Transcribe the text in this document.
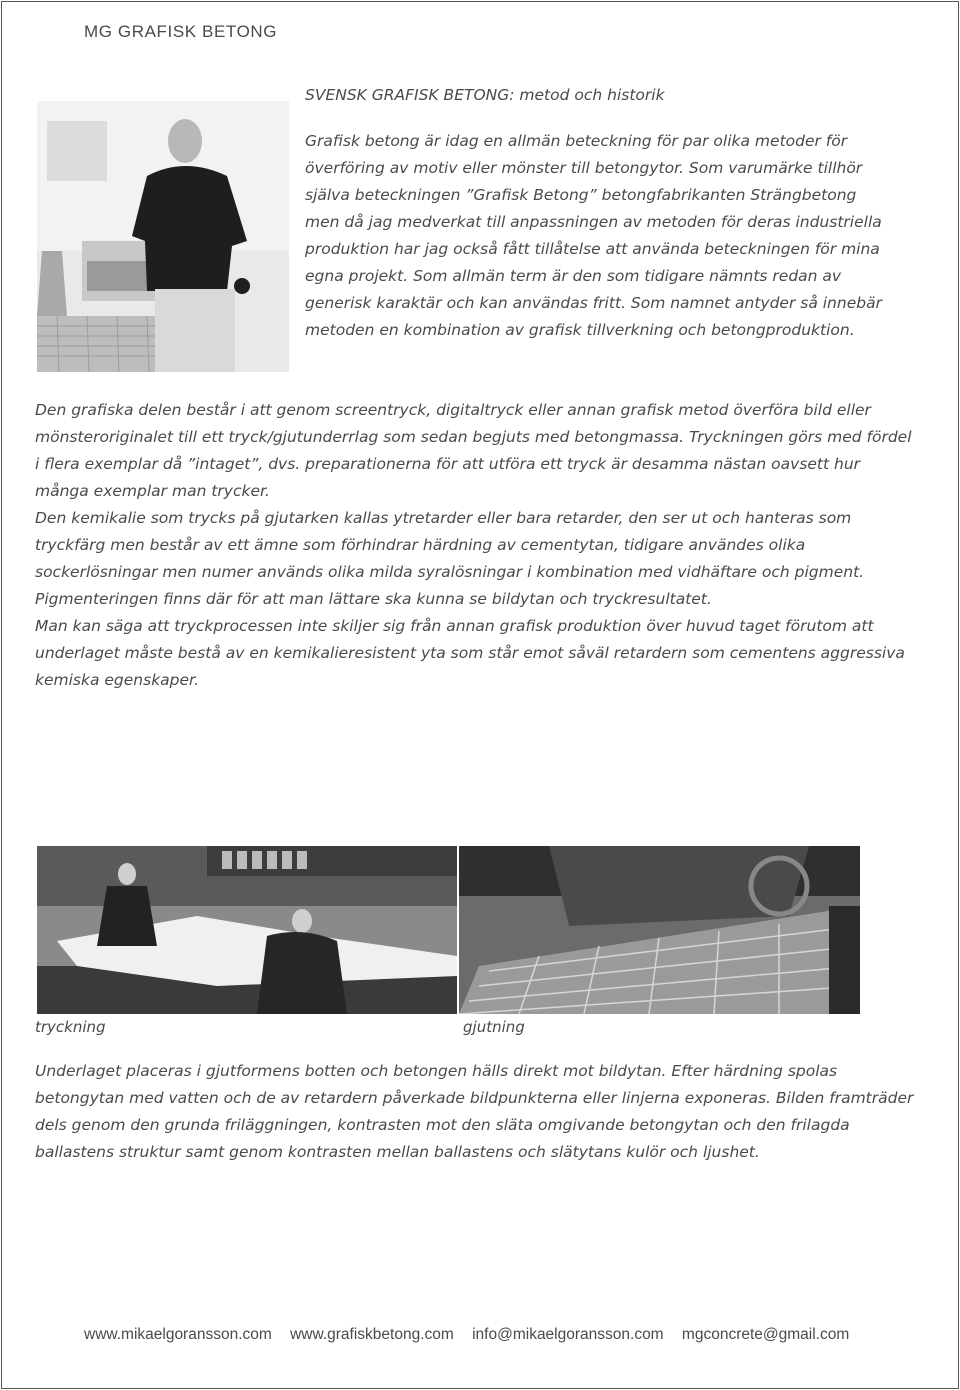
MG GRAFISK BETONG
SVENSK GRAFISK BETONG: metod och historik

Grafisk betong är idag en allmän beteckning för par olika metoder för överföring av motiv eller mönster till betongytor. Som varumärke tillhör själva beteckningen ”Grafisk Betong” betongfabrikanten Strängbetong men då jag medverkat till anpassningen av metoden för deras industriella produktion har jag också fått tillåtelse att använda beteckningen för mina egna projekt. Som allmän term är den som tidigare nämnts redan av generisk karaktär och kan användas fritt. Som namnet antyder så innebär metoden en kombination av grafisk tillverkning och betongproduktion.

Den grafiska delen består i att genom screentryck, digitaltryck eller annan grafisk metod överföra bild eller mönsteroriginalet till ett tryck/gjutunderrlag som sedan begjuts med betongmassa. Tryckningen görs med fördel i flera exemplar då ”intaget”, dvs. preparationerna för att utföra ett tryck är desamma nästan oavsett hur många exemplar man trycker.

Den kemikalie som trycks på gjutarken kallas ytretarder eller bara retarder, den ser ut och hanteras som tryckfärg men består av ett ämne som förhindrar härdning av cementytan, tidigare användes olika sockerlösningar men numer används olika milda syralösningar i kombination med vidhäftare och pigment. Pigmenteringen finns där för att man lättare ska kunna se bildytan och tryckresultatet.

Man kan säga att tryckprocessen inte skiljer sig från annan grafisk produktion över huvud taget förutom att underlaget måste bestå av en kemikalieresistent yta som står emot såväl retardern som cementens aggressiva kemiska egenskaper.

tryckning	gjutning

Underlaget placeras i gjutformens botten och betongen hälls direkt mot bildytan. Efter härdning spolas betongytan med vatten och de av retardern påverkade bildpunkterna eller linjerna exponeras. Bilden framträder dels genom den grunda friläggningen, kontrasten mot den släta omgivande betongytan och den frilagda ballastens struktur samt genom kontrasten mellan ballastens och slätytans kulör och ljushet.

www.mikaelgoransson.com www.grafiskbetong.com info@mikaelgoransson.com mgconcrete@gmail.com
